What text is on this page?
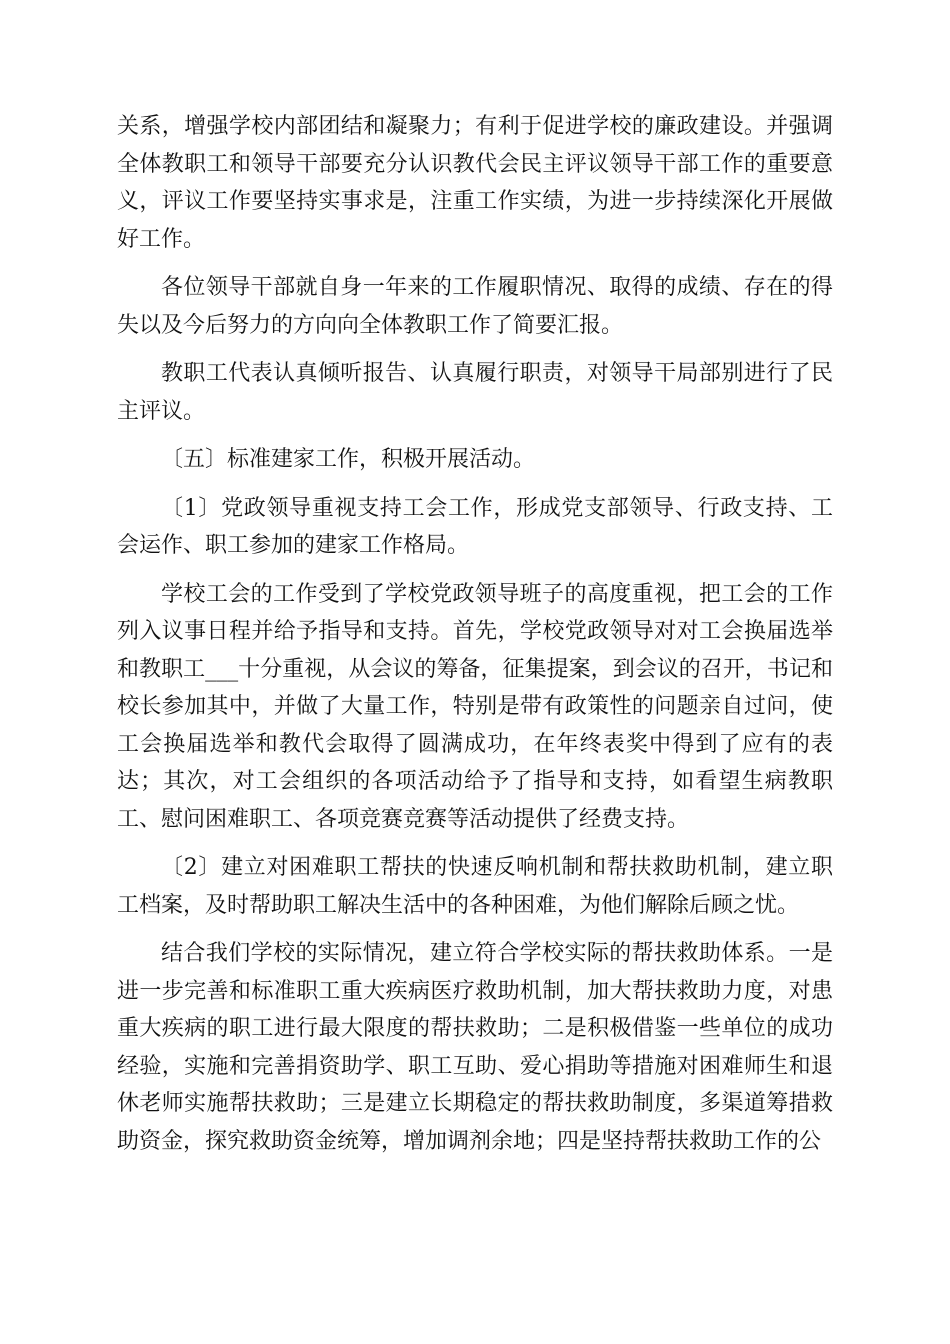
关系，增强学校内部团结和凝聚力；有利于促进学校的廉政建设。并强调全体教职工和领导干部要充分认识教代会民主评议领导干部工作的重要意义，评议工作要坚持实事求是，注重工作实绩，为进一步持续深化开展做好工作。

各位领导干部就自身一年来的工作履职情况、取得的成绩、存在的得失以及今后努力的方向向全体教职工作了简要汇报。

教职工代表认真倾听报告、认真履行职责，对领导干局部别进行了民主评议。

〔五〕标准建家工作，积极开展活动。

〔1〕党政领导重视支持工会工作，形成党支部领导、行政支持、工会运作、职工参加的建家工作格局。

学校工会的工作受到了学校党政领导班子的高度重视，把工会的工作列入议事日程并给予指导和支持。首先，学校党政领导对对工会换届选举和教职工___十分重视，从会议的筹备，征集提案，到会议的召开，书记和校长参加其中，并做了大量工作，特别是带有政策性的问题亲自过问，使工会换届选举和教代会取得了圆满成功，在年终表奖中得到了应有的表达；其次，对工会组织的各项活动给予了指导和支持，如看望生病教职工、慰问困难职工、各项竞赛竞赛等活动提供了经费支持。

〔2〕建立对困难职工帮扶的快速反响机制和帮扶救助机制，建立职工档案，及时帮助职工解决生活中的各种困难，为他们解除后顾之忧。

结合我们学校的实际情况，建立符合学校实际的帮扶救助体系。一是进一步完善和标准职工重大疾病医疗救助机制，加大帮扶救助力度，对患重大疾病的职工进行最大限度的帮扶救助；二是积极借鉴一些单位的成功经验，实施和完善捐资助学、职工互助、爱心捐助等措施对困难师生和退休老师实施帮扶救助；三是建立长期稳定的帮扶救助制度，多渠道筹措救助资金，探究救助资金统筹，增加调剂余地；四是坚持帮扶救助工作的公
